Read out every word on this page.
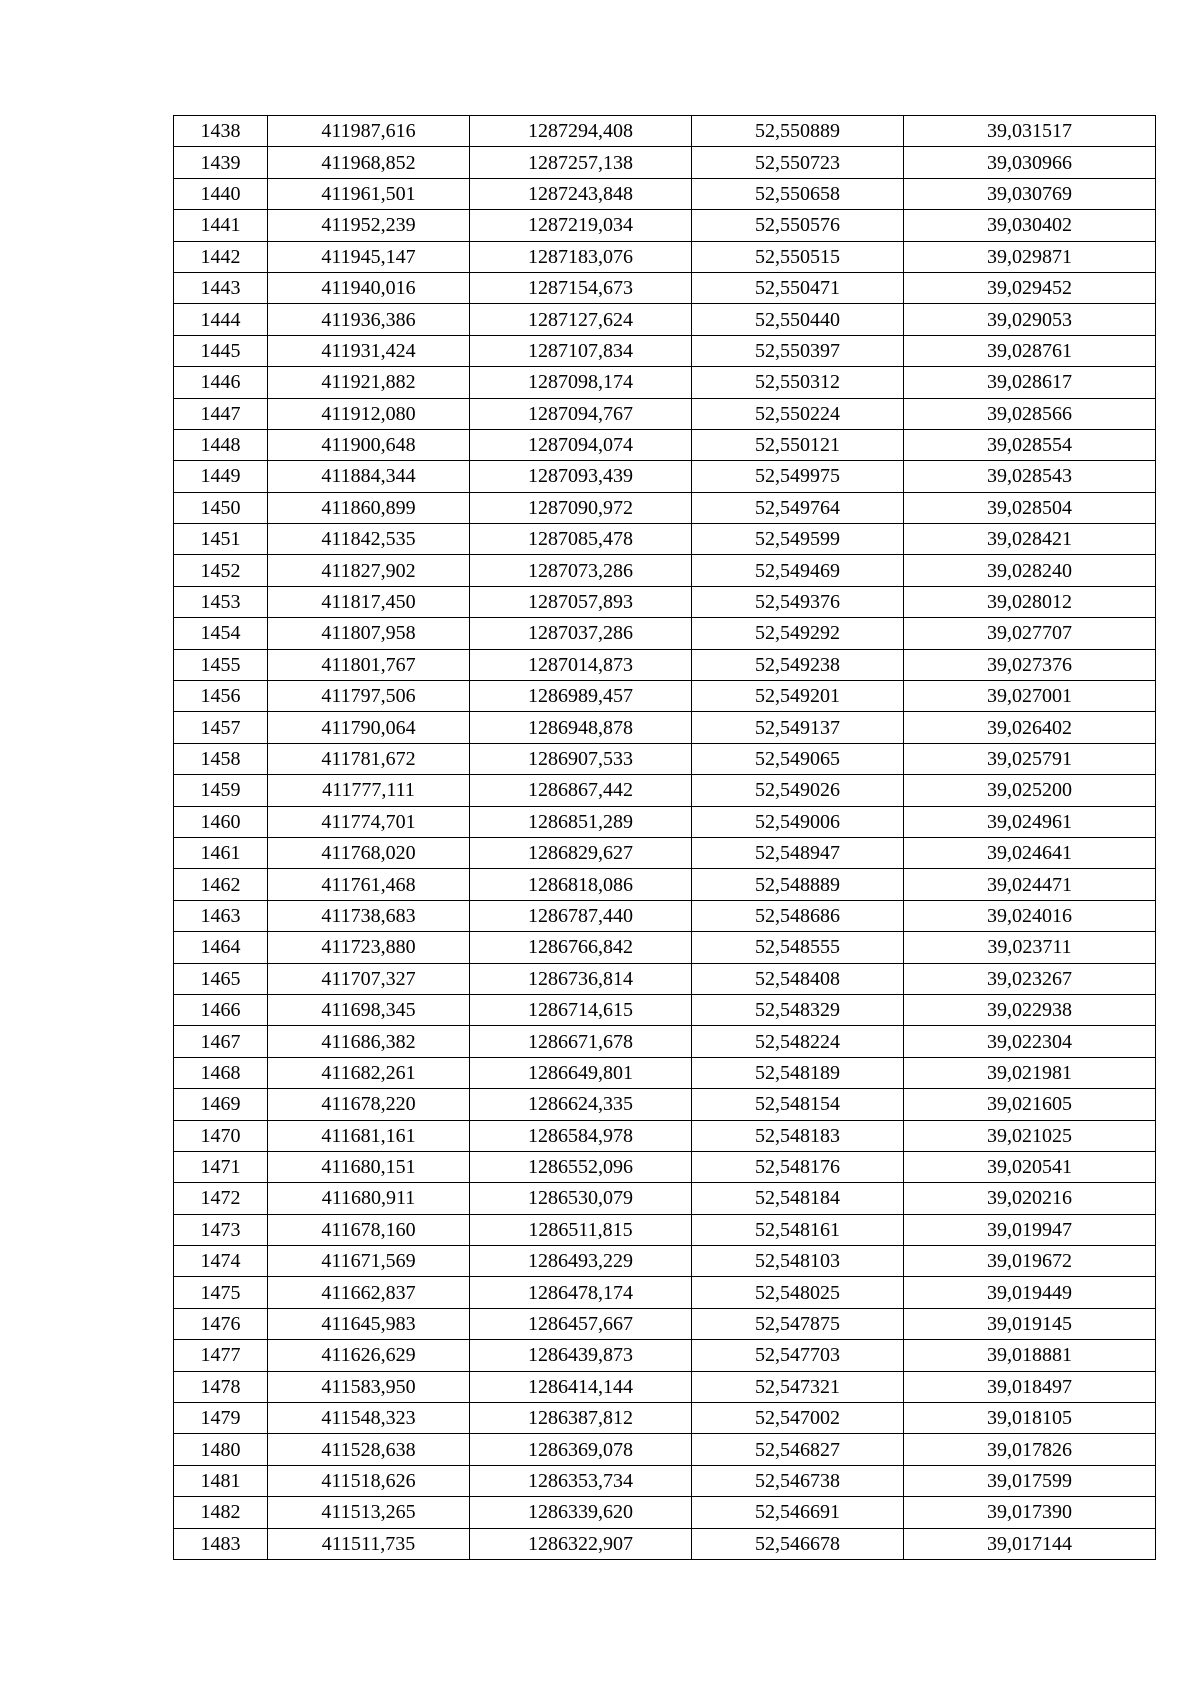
1438	411987,616	1287294,408	52,550889	39,031517
1439	411968,852	1287257,138	52,550723	39,030966
1440	411961,501	1287243,848	52,550658	39,030769
1441	411952,239	1287219,034	52,550576	39,030402
1442	411945,147	1287183,076	52,550515	39,029871
1443	411940,016	1287154,673	52,550471	39,029452
1444	411936,386	1287127,624	52,550440	39,029053
1445	411931,424	1287107,834	52,550397	39,028761
1446	411921,882	1287098,174	52,550312	39,028617
1447	411912,080	1287094,767	52,550224	39,028566
1448	411900,648	1287094,074	52,550121	39,028554
1449	411884,344	1287093,439	52,549975	39,028543
1450	411860,899	1287090,972	52,549764	39,028504
1451	411842,535	1287085,478	52,549599	39,028421
1452	411827,902	1287073,286	52,549469	39,028240
1453	411817,450	1287057,893	52,549376	39,028012
1454	411807,958	1287037,286	52,549292	39,027707
1455	411801,767	1287014,873	52,549238	39,027376
1456	411797,506	1286989,457	52,549201	39,027001
1457	411790,064	1286948,878	52,549137	39,026402
1458	411781,672	1286907,533	52,549065	39,025791
1459	411777,111	1286867,442	52,549026	39,025200
1460	411774,701	1286851,289	52,549006	39,024961
1461	411768,020	1286829,627	52,548947	39,024641
1462	411761,468	1286818,086	52,548889	39,024471
1463	411738,683	1286787,440	52,548686	39,024016
1464	411723,880	1286766,842	52,548555	39,023711
1465	411707,327	1286736,814	52,548408	39,023267
1466	411698,345	1286714,615	52,548329	39,022938
1467	411686,382	1286671,678	52,548224	39,022304
1468	411682,261	1286649,801	52,548189	39,021981
1469	411678,220	1286624,335	52,548154	39,021605
1470	411681,161	1286584,978	52,548183	39,021025
1471	411680,151	1286552,096	52,548176	39,020541
1472	411680,911	1286530,079	52,548184	39,020216
1473	411678,160	1286511,815	52,548161	39,019947
1474	411671,569	1286493,229	52,548103	39,019672
1475	411662,837	1286478,174	52,548025	39,019449
1476	411645,983	1286457,667	52,547875	39,019145
1477	411626,629	1286439,873	52,547703	39,018881
1478	411583,950	1286414,144	52,547321	39,018497
1479	411548,323	1286387,812	52,547002	39,018105
1480	411528,638	1286369,078	52,546827	39,017826
1481	411518,626	1286353,734	52,546738	39,017599
1482	411513,265	1286339,620	52,546691	39,017390
1483	411511,735	1286322,907	52,546678	39,017144
